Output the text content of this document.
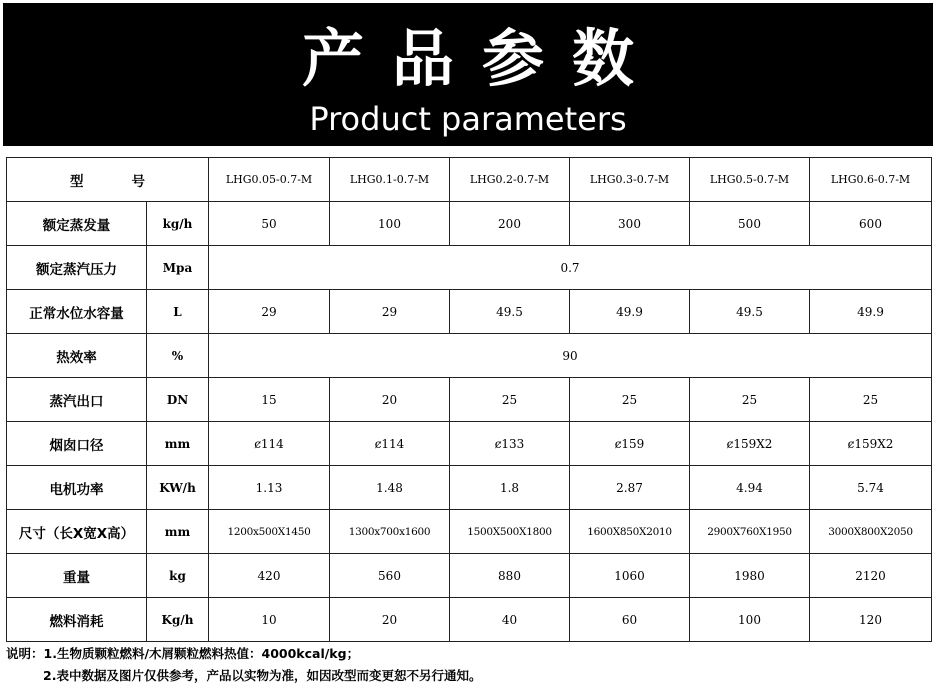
产品参数
Product parameters
型号		LHG0.05-0.7-M	LHG0.1-0.7-M	LHG0.2-0.7-M	LHG0.3-0.7-M	LHG0.5-0.7-M	LHG0.6-0.7-M
额定蒸发量	kg/h	50	100	200	300	500	600
额定蒸汽压力	Mpa	0.7					
正常水位水容量	L	29	29	49.5	49.9	49.5	49.9
热效率	%	90					
蒸汽出口	DN	15	20	25	25	25	25
烟囱口径	mm	ȼ114	ȼ114	ȼ133	ȼ159	ȼ159X2	ȼ159X2
电机功率	KW/h	1.13	1.48	1.8	2.87	4.94	5.74
尺寸（长X宽X高）	mm	1200x500X1450	1300x700x1600	1500X500X1800	1600X850X2010	2900X760X1950	3000X800X2050
重量	kg	420	560	880	1060	1980	2120
燃料消耗	Kg/h	10	20	40	60	100	120
说明：1.生物质颗粒燃料/木屑颗粒燃料热值：4000kcal/kg；
2.表中数据及图片仅供参考，产品以实物为准，如因改型而变更恕不另行通知。
